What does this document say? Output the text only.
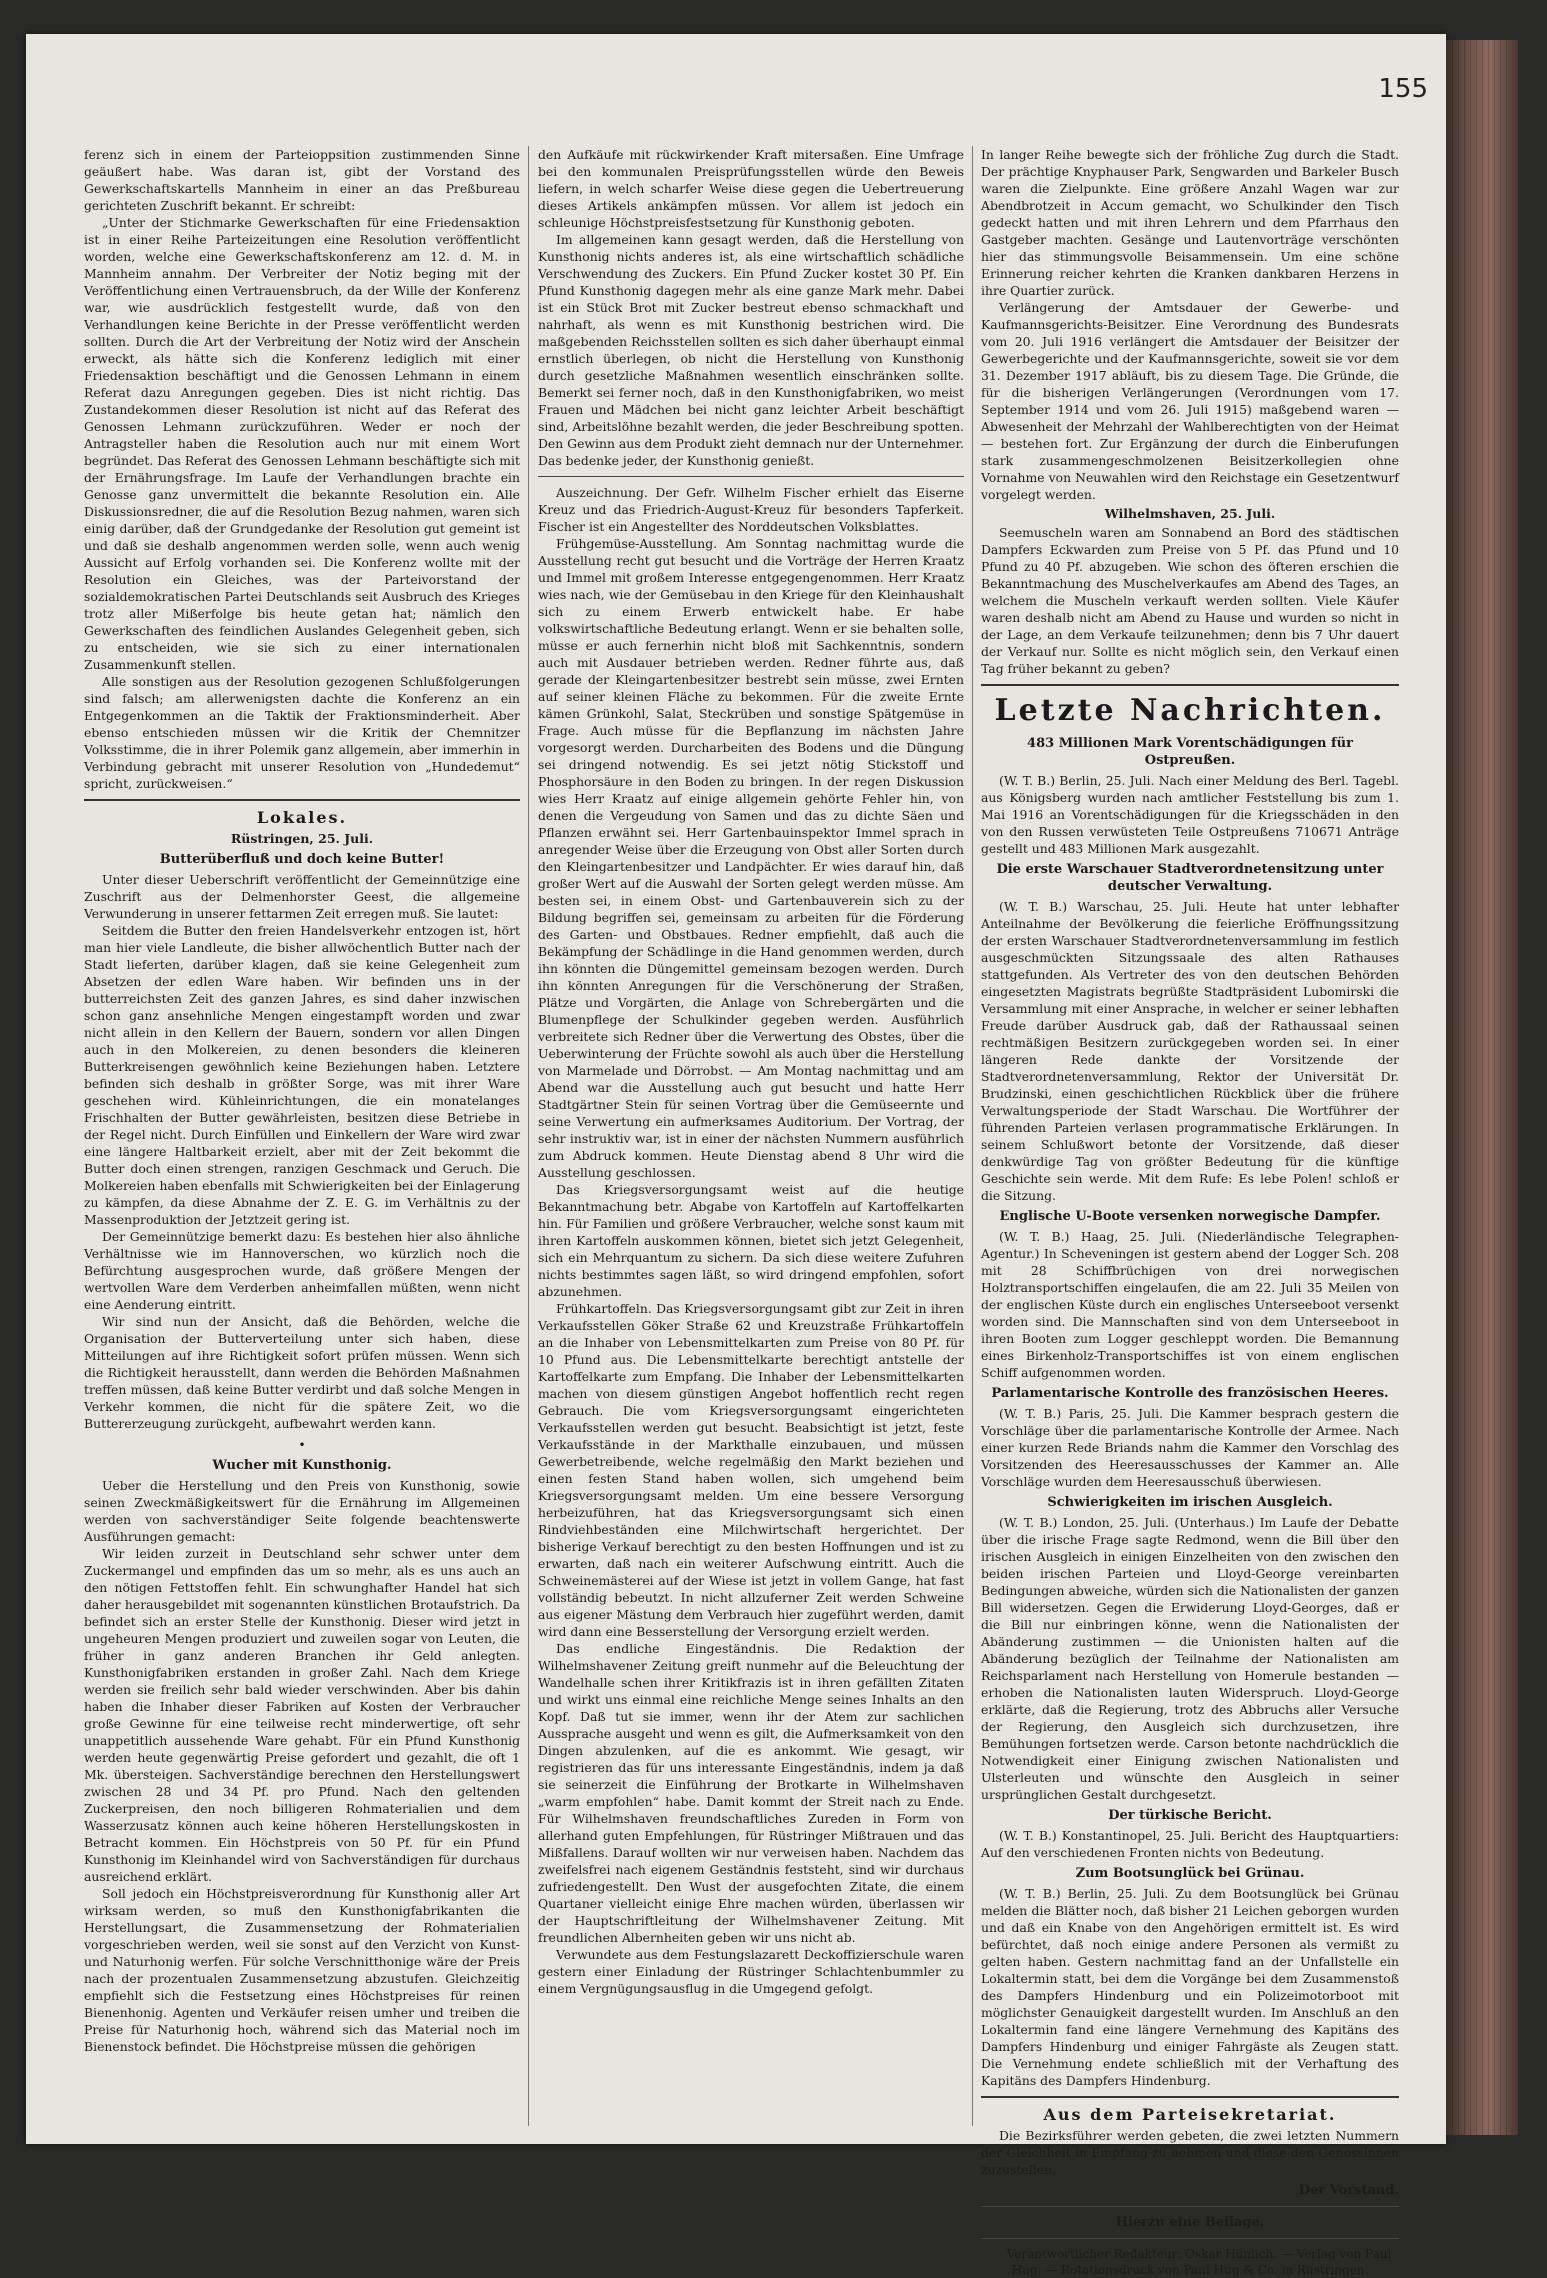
155

ferenz sich in einem der Parteioppsition zustimmenden Sinne geäußert habe. Was daran ist, gibt der Vorstand des Gewerkschaftskartells Mannheim in einer an das Preßbureau gerichteten Zuschrift bekannt. Er schreibt:

„Unter der Stichmarke Gewerkschaften für eine Friedensaktion ist in einer Reihe Parteizeitungen eine Resolution veröffentlicht worden, welche eine Gewerkschaftskonferenz am 12. d. M. in Mannheim annahm. Der Verbreiter der Notiz beging mit der Veröffentlichung einen Vertrauensbruch, da der Wille der Konferenz war, wie ausdrücklich festgestellt wurde, daß von den Verhandlungen keine Berichte in der Presse veröffentlicht werden sollten. Durch die Art der Verbreitung der Notiz wird der Anschein erweckt, als hätte sich die Konferenz lediglich mit einer Friedensaktion beschäftigt und die Genossen Lehmann in einem Referat dazu Anregungen gegeben. Dies ist nicht richtig. Das Zustandekommen dieser Resolution ist nicht auf das Referat des Genossen Lehmann zurückzuführen. Weder er noch der Antragsteller haben die Resolution auch nur mit einem Wort begründet. Das Referat des Genossen Lehmann beschäftigte sich mit der Ernährungsfrage. Im Laufe der Verhandlungen brachte ein Genosse ganz unvermittelt die bekannte Resolution ein. Alle Diskussionsredner, die auf die Resolution Bezug nahmen, waren sich einig darüber, daß der Grundgedanke der Resolution gut gemeint ist und daß sie deshalb angenommen werden solle, wenn auch wenig Aussicht auf Erfolg vorhanden sei. Die Konferenz wollte mit der Resolution ein Gleiches, was der Parteivorstand der sozialdemokratischen Partei Deutschlands seit Ausbruch des Krieges trotz aller Mißerfolge bis heute getan hat; nämlich den Gewerkschaften des feindlichen Auslandes Gelegenheit geben, sich zu entscheiden, wie sie sich zu einer internationalen Zusammenkunft stellen.

Alle sonstigen aus der Resolution gezogenen Schlußfolgerungen sind falsch; am allerwenigsten dachte die Konferenz an ein Entgegenkommen an die Taktik der Fraktionsminderheit. Aber ebenso entschieden müssen wir die Kritik der Chemnitzer Volksstimme, die in ihrer Polemik ganz allgemein, aber immerhin in Verbindung gebracht mit unserer Resolution von „Hundedemut“ spricht, zurückweisen.“

Lokales.
Rüstringen, 25. Juli.
Butterüberfluß und doch keine Butter!

Unter dieser Ueberschrift veröffentlicht der Gemeinnützige eine Zuschrift aus der Delmenhorster Geest, die allgemeine Verwunderung in unserer fettarmen Zeit erregen muß. Sie lautet:

Seitdem die Butter den freien Handelsverkehr entzogen ist, hört man hier viele Landleute, die bisher allwöchentlich Butter nach der Stadt lieferten, darüber klagen, daß sie keine Gelegenheit zum Absetzen der edlen Ware haben. Wir befinden uns in der butterreichsten Zeit des ganzen Jahres, es sind daher inzwischen schon ganz ansehnliche Mengen eingestampft worden und zwar nicht allein in den Kellern der Bauern, sondern vor allen Dingen auch in den Molkereien, zu denen besonders die kleineren Butterkreisengen gewöhnlich keine Beziehungen haben. Letztere befinden sich deshalb in größter Sorge, was mit ihrer Ware geschehen wird. Kühleinrichtungen, die ein monatelanges Frischhalten der Butter gewährleisten, besitzen diese Betriebe in der Regel nicht. Durch Einfüllen und Einkellern der Ware wird zwar eine längere Haltbarkeit erzielt, aber mit der Zeit bekommt die Butter doch einen strengen, ranzigen Geschmack und Geruch. Die Molkereien haben ebenfalls mit Schwierigkeiten bei der Einlagerung zu kämpfen, da diese Abnahme der Z. E. G. im Verhältnis zu der Massenproduktion der Jetztzeit gering ist.

Der Gemeinnützige bemerkt dazu: Es bestehen hier also ähnliche Verhältnisse wie im Hannoverschen, wo kürzlich noch die Befürchtung ausgesprochen wurde, daß größere Mengen der wertvollen Ware dem Verderben anheimfallen müßten, wenn nicht eine Aenderung eintritt.

Wir sind nun der Ansicht, daß die Behörden, welche die Organisation der Butterverteilung unter sich haben, diese Mitteilungen auf ihre Richtigkeit sofort prüfen müssen. Wenn sich die Richtigkeit herausstellt, dann werden die Behörden Maßnahmen treffen müssen, daß keine Butter verdirbt und daß solche Mengen in Verkehr kommen, die nicht für die spätere Zeit, wo die Buttererzeugung zurückgeht, aufbewahrt werden kann.

•
Wucher mit Kunsthonig.

Ueber die Herstellung und den Preis von Kunsthonig, sowie seinen Zweckmäßigkeitswert für die Ernährung im Allgemeinen werden von sachverständiger Seite folgende beachtenswerte Ausführungen gemacht:

Wir leiden zurzeit in Deutschland sehr schwer unter dem Zuckermangel und empfinden das um so mehr, als es uns auch an den nötigen Fettstoffen fehlt. Ein schwunghafter Handel hat sich daher herausgebildet mit sogenannten künstlichen Brotaufstrich. Da befindet sich an erster Stelle der Kunsthonig. Dieser wird jetzt in ungeheuren Mengen produziert und zuweilen sogar von Leuten, die früher in ganz anderen Branchen ihr Geld anlegten. Kunsthonigfabriken erstanden in großer Zahl. Nach dem Kriege werden sie freilich sehr bald wieder verschwinden. Aber bis dahin haben die Inhaber dieser Fabriken auf Kosten der Verbraucher große Gewinne für eine teilweise recht minderwertige, oft sehr unappetitlich aussehende Ware gehabt. Für ein Pfund Kunsthonig werden heute gegenwärtig Preise gefordert und gezahlt, die oft 1 Mk. übersteigen. Sachverständige berechnen den Herstellungswert zwischen 28 und 34 Pf. pro Pfund. Nach den geltenden Zuckerpreisen, den noch billigeren Rohmaterialien und dem Wasserzusatz können auch keine höheren Herstellungskosten in Betracht kommen. Ein Höchstpreis von 50 Pf. für ein Pfund Kunsthonig im Kleinhandel wird von Sachverständigen für durchaus ausreichend erklärt.

Soll jedoch ein Höchstpreisverordnung für Kunsthonig aller Art wirksam werden, so muß den Kunsthonigfabrikanten die Herstellungsart, die Zusammensetzung der Rohmaterialien vorgeschrieben werden, weil sie sonst auf den Verzicht von Kunst- und Naturhonig werfen. Für solche Verschnitthonige wäre der Preis nach der prozentualen Zusammensetzung abzustufen. Gleichzeitig empfiehlt sich die Festsetzung eines Höchstpreises für reinen Bienenhonig. Agenten und Verkäufer reisen umher und treiben die Preise für Naturhonig hoch, während sich das Material noch im Bienenstock befindet. Die Höchstpreise müssen die gehörigen

den Aufkäufe mit rückwirkender Kraft mitersaßen. Eine Umfrage bei den kommunalen Preisprüfungsstellen würde den Beweis liefern, in welch scharfer Weise diese gegen die Uebertreuerung dieses Artikels ankämpfen müssen. Vor allem ist jedoch ein schleunige Höchstpreisfestsetzung für Kunsthonig geboten.

Im allgemeinen kann gesagt werden, daß die Herstellung von Kunsthonig nichts anderes ist, als eine wirtschaftlich schädliche Verschwendung des Zuckers. Ein Pfund Zucker kostet 30 Pf. Ein Pfund Kunsthonig dagegen mehr als eine ganze Mark mehr. Dabei ist ein Stück Brot mit Zucker bestreut ebenso schmackhaft und nahrhaft, als wenn es mit Kunsthonig bestrichen wird. Die maßgebenden Reichsstellen sollten es sich daher überhaupt einmal ernstlich überlegen, ob nicht die Herstellung von Kunsthonig durch gesetzliche Maßnahmen wesentlich einschränken sollte. Bemerkt sei ferner noch, daß in den Kunsthonigfabriken, wo meist Frauen und Mädchen bei nicht ganz leichter Arbeit beschäftigt sind, Arbeitslöhne bezahlt werden, die jeder Beschreibung spotten. Den Gewinn aus dem Produkt zieht demnach nur der Unternehmer. Das bedenke jeder, der Kunsthonig genießt.

Auszeichnung. Der Gefr. Wilhelm Fischer erhielt das Eiserne Kreuz und das Friedrich-August-Kreuz für besonders Tapferkeit. Fischer ist ein Angestellter des Norddeutschen Volksblattes.

Frühgemüse-Ausstellung. Am Sonntag nachmittag wurde die Ausstellung recht gut besucht und die Vorträge der Herren Kraatz und Immel mit großem Interesse entgegengenommen. Herr Kraatz wies nach, wie der Gemüsebau in den Kriege für den Kleinhaushalt sich zu einem Erwerb entwickelt habe. Er habe volkswirtschaftliche Bedeutung erlangt. Wenn er sie behalten solle, müsse er auch fernerhin nicht bloß mit Sachkenntnis, sondern auch mit Ausdauer betrieben werden. Redner führte aus, daß gerade der Kleingartenbesitzer bestrebt sein müsse, zwei Ernten auf seiner kleinen Fläche zu bekommen. Für die zweite Ernte kämen Grünkohl, Salat, Steckrüben und sonstige Spätgemüse in Frage. Auch müsse für die Bepflanzung im nächsten Jahre vorgesorgt werden. Durcharbeiten des Bodens und die Düngung sei dringend notwendig. Es sei jetzt nötig Stickstoff und Phosphorsäure in den Boden zu bringen. In der regen Diskussion wies Herr Kraatz auf einige allgemein gehörte Fehler hin, von denen die Vergeudung von Samen und das zu dichte Säen und Pflanzen erwähnt sei. Herr Gartenbauinspektor Immel sprach in anregender Weise über die Erzeugung von Obst aller Sorten durch den Kleingartenbesitzer und Landpächter. Er wies darauf hin, daß großer Wert auf die Auswahl der Sorten gelegt werden müsse. Am besten sei, in einem Obst- und Gartenbauverein sich zu der Bildung begriffen sei, gemeinsam zu arbeiten für die Förderung des Garten- und Obstbaues. Redner empfiehlt, daß auch die Bekämpfung der Schädlinge in die Hand genommen werden, durch ihn könnten die Düngemittel gemeinsam bezogen werden. Durch ihn könnten Anregungen für die Verschönerung der Straßen, Plätze und Vorgärten, die Anlage von Schrebergärten und die Blumenpflege der Schulkinder gegeben werden. Ausführlich verbreitete sich Redner über die Verwertung des Obstes, über die Ueberwinterung der Früchte sowohl als auch über die Herstellung von Marmelade und Dörrobst. — Am Montag nachmittag und am Abend war die Ausstellung auch gut besucht und hatte Herr Stadtgärtner Stein für seinen Vortrag über die Gemüseernte und seine Verwertung ein aufmerksames Auditorium. Der Vortrag, der sehr instruktiv war, ist in einer der nächsten Nummern ausführlich zum Abdruck kommen. Heute Dienstag abend 8 Uhr wird die Ausstellung geschlossen.

Das Kriegsversorgungsamt weist auf die heutige Bekanntmachung betr. Abgabe von Kartoffeln auf Kartoffelkarten hin. Für Familien und größere Verbraucher, welche sonst kaum mit ihren Kartoffeln auskommen können, bietet sich jetzt Gelegenheit, sich ein Mehrquantum zu sichern. Da sich diese weitere Zufuhren nichts bestimmtes sagen läßt, so wird dringend empfohlen, sofort abzunehmen.

Frühkartoffeln. Das Kriegsversorgungsamt gibt zur Zeit in ihren Verkaufsstellen Göker Straße 62 und Kreuzstraße Frühkartoffeln an die Inhaber von Lebensmittelkarten zum Preise von 80 Pf. für 10 Pfund aus. Die Lebensmittelkarte berechtigt antstelle der Kartoffelkarte zum Empfang. Die Inhaber der Lebensmittelkarten machen von diesem günstigen Angebot hoffentlich recht regen Gebrauch. Die vom Kriegsversorgungsamt eingerichteten Verkaufsstellen werden gut besucht. Beabsichtigt ist jetzt, feste Verkaufsstände in der Markthalle einzubauen, und müssen Gewerbetreibende, welche regelmäßig den Markt beziehen und einen festen Stand haben wollen, sich umgehend beim Kriegsversorgungsamt melden. Um eine bessere Versorgung herbeizuführen, hat das Kriegsversorgungsamt sich einen Rindviehbeständen eine Milchwirtschaft hergerichtet. Der bisherige Verkauf berechtigt zu den besten Hoffnungen und ist zu erwarten, daß nach ein weiterer Aufschwung eintritt. Auch die Schweinemästerei auf der Wiese ist jetzt in vollem Gange, hat fast vollständig bebeutzt. In nicht allzuferner Zeit werden Schweine aus eigener Mästung dem Verbrauch hier zugeführt werden, damit wird dann eine Besserstellung der Versorgung erzielt werden.

Das endliche Eingeständnis. Die Redaktion der Wilhelmshavener Zeitung greift nunmehr auf die Beleuchtung der Wandelhalle schen ihrer Kritikfrazis ist in ihren gefällten Zitaten und wirkt uns einmal eine reichliche Menge seines Inhalts an den Kopf. Daß tut sie immer, wenn ihr der Atem zur sachlichen Aussprache ausgeht und wenn es gilt, die Aufmerksamkeit von den Dingen abzulenken, auf die es ankommt. Wie gesagt, wir registrieren das für uns interessante Eingeständnis, indem ja daß sie seinerzeit die Einführung der Brotkarte in Wilhelmshaven „warm empfohlen“ habe. Damit kommt der Streit nach zu Ende. Für Wilhelmshaven freundschaftliches Zureden in Form von allerhand guten Empfehlungen, für Rüstringer Mißtrauen und das Mißfallens. Darauf wollten wir nur verweisen haben. Nachdem das zweifelsfrei nach eigenem Geständnis feststeht, sind wir durchaus zufriedengestellt. Den Wust der ausgefochten Zitate, die einem Quartaner vielleicht einige Ehre machen würden, überlassen wir der Hauptschriftleitung der Wilhelmshavener Zeitung. Mit freundlichen Albernheiten geben wir uns nicht ab.

Verwundete aus dem Festungslazarett Deckoffizierschule waren gestern einer Einladung der Rüstringer Schlachtenbummler zu einem Vergnügungsausflug in die Umgegend gefolgt.

In langer Reihe bewegte sich der fröhliche Zug durch die Stadt. Der prächtige Knyphauser Park, Sengwarden und Barkeler Busch waren die Zielpunkte. Eine größere Anzahl Wagen war zur Abendbrotzeit in Accum gemacht, wo Schulkinder den Tisch gedeckt hatten und mit ihren Lehrern und dem Pfarrhaus den Gastgeber machten. Gesänge und Lautenvorträge verschönten hier das stimmungsvolle Beisammensein. Um eine schöne Erinnerung reicher kehrten die Kranken dankbaren Herzens in ihre Quartier zurück.

Verlängerung der Amtsdauer der Gewerbe- und Kaufmannsgerichts-Beisitzer. Eine Verordnung des Bundesrats vom 20. Juli 1916 verlängert die Amtsdauer der Beisitzer der Gewerbegerichte und der Kaufmannsgerichte, soweit sie vor dem 31. Dezember 1917 abläuft, bis zu diesem Tage. Die Gründe, die für die bisherigen Verlängerungen (Verordnungen vom 17. September 1914 und vom 26. Juli 1915) maßgebend waren — Abwesenheit der Mehrzahl der Wahlberechtigten von der Heimat — bestehen fort. Zur Ergänzung der durch die Einberufungen stark zusammengeschmolzenen Beisitzerkollegien ohne Vornahme von Neuwahlen wird den Reichstage ein Gesetzentwurf vorgelegt werden.

Wilhelmshaven, 25. Juli.

Seemuscheln waren am Sonnabend an Bord des städtischen Dampfers Eckwarden zum Preise von 5 Pf. das Pfund und 10 Pfund zu 40 Pf. abzugeben. Wie schon des öfteren erschien die Bekanntmachung des Muschelverkaufes am Abend des Tages, an welchem die Muscheln verkauft werden sollten. Viele Käufer waren deshalb nicht am Abend zu Hause und wurden so nicht in der Lage, an dem Verkaufe teilzunehmen; denn bis 7 Uhr dauert der Verkauf nur. Sollte es nicht möglich sein, den Verkauf einen Tag früher bekannt zu geben?

Letzte Nachrichten.
483 Millionen Mark Vorentschädigungen für Ostpreußen.

(W. T. B.) Berlin, 25. Juli. Nach einer Meldung des Berl. Tagebl. aus Königsberg wurden nach amtlicher Feststellung bis zum 1. Mai 1916 an Vorentschädigungen für die Kriegsschäden in den von den Russen verwüsteten Teile Ostpreußens 710671 Anträge gestellt und 483 Millionen Mark ausgezahlt.

Die erste Warschauer Stadtverordnetensitzung unter deutscher Verwaltung.

(W. T. B.) Warschau, 25. Juli. Heute hat unter lebhafter Anteilnahme der Bevölkerung die feierliche Eröffnungssitzung der ersten Warschauer Stadtverordnetenversammlung im festlich ausgeschmückten Sitzungssaale des alten Rathauses stattgefunden. Als Vertreter des von den deutschen Behörden eingesetzten Magistrats begrüßte Stadtpräsident Lubomirski die Versammlung mit einer Ansprache, in welcher er seiner lebhaften Freude darüber Ausdruck gab, daß der Rathaussaal seinen rechtmäßigen Besitzern zurückgegeben worden sei. In einer längeren Rede dankte der Vorsitzende der Stadtverordnetenversammlung, Rektor der Universität Dr. Brudzinski, einen geschichtlichen Rückblick über die frühere Verwaltungsperiode der Stadt Warschau. Die Wortführer der führenden Parteien verlasen programmatische Erklärungen. In seinem Schlußwort betonte der Vorsitzende, daß dieser denkwürdige Tag von größter Bedeutung für die künftige Geschichte sein werde. Mit dem Rufe: Es lebe Polen! schloß er die Sitzung.

Englische U-Boote versenken norwegische Dampfer.

(W. T. B.) Haag, 25. Juli. (Niederländische Telegraphen-Agentur.) In Scheveningen ist gestern abend der Logger Sch. 208 mit 28 Schiffbrüchigen von drei norwegischen Holztransportschiffen eingelaufen, die am 22. Juli 35 Meilen von der englischen Küste durch ein englisches Unterseeboot versenkt worden sind. Die Mannschaften sind von dem Unterseeboot in ihren Booten zum Logger geschleppt worden. Die Bemannung eines Birkenholz-Transportschiffes ist von einem englischen Schiff aufgenommen worden.

Parlamentarische Kontrolle des französischen Heeres.

(W. T. B.) Paris, 25. Juli. Die Kammer besprach gestern die Vorschläge über die parlamentarische Kontrolle der Armee. Nach einer kurzen Rede Briands nahm die Kammer den Vorschlag des Vorsitzenden des Heeresausschusses der Kammer an. Alle Vorschläge wurden dem Heeresausschuß überwiesen.

Schwierigkeiten im irischen Ausgleich.

(W. T. B.) London, 25. Juli. (Unterhaus.) Im Laufe der Debatte über die irische Frage sagte Redmond, wenn die Bill über den irischen Ausgleich in einigen Einzelheiten von den zwischen den beiden irischen Parteien und Lloyd-George vereinbarten Bedingungen abweiche, würden sich die Nationalisten der ganzen Bill widersetzen. Gegen die Erwiderung Lloyd-Georges, daß er die Bill nur einbringen könne, wenn die Nationalisten der Abänderung zustimmen — die Unionisten halten auf die Abänderung bezüglich der Teilnahme der Nationalisten am Reichsparlament nach Herstellung von Homerule bestanden — erhoben die Nationalisten lauten Widerspruch. Lloyd-George erklärte, daß die Regierung, trotz des Abbruchs aller Versuche der Regierung, den Ausgleich sich durchzusetzen, ihre Bemühungen fortsetzen werde. Carson betonte nachdrücklich die Notwendigkeit einer Einigung zwischen Nationalisten und Ulsterleuten und wünschte den Ausgleich in seiner ursprünglichen Gestalt durchgesetzt.

Der türkische Bericht.

(W. T. B.) Konstantinopel, 25. Juli. Bericht des Hauptquartiers: Auf den verschiedenen Fronten nichts von Bedeutung.

Zum Bootsunglück bei Grünau.

(W. T. B.) Berlin, 25. Juli. Zu dem Bootsunglück bei Grünau melden die Blätter noch, daß bisher 21 Leichen geborgen wurden und daß ein Knabe von den Angehörigen ermittelt ist. Es wird befürchtet, daß noch einige andere Personen als vermißt zu gelten haben. Gestern nachmittag fand an der Unfallstelle ein Lokaltermin statt, bei dem die Vorgänge bei dem Zusammenstoß des Dampfers Hindenburg und ein Polizeimotorboot mit möglichster Genauigkeit dargestellt wurden. Im Anschluß an den Lokaltermin fand eine längere Vernehmung des Kapitäns des Dampfers Hindenburg und einiger Fahrgäste als Zeugen statt. Die Vernehmung endete schließlich mit der Verhaftung des Kapitäns des Dampfers Hindenburg.

Aus dem Parteisekretariat.

Die Bezirksführer werden gebeten, die zwei letzten Nummern der Gleichheit in Empfang zu nehmen und diese den Genossinnen zuzustellen.

Der Vorstand.
Hierzu eine Beilage.

Verantwortlicher Redakteur: Oskar Hünlich. — Verlag von Paul Hug. — Rotationsdruck von Paul Hug & Co. in Rüstringen.
